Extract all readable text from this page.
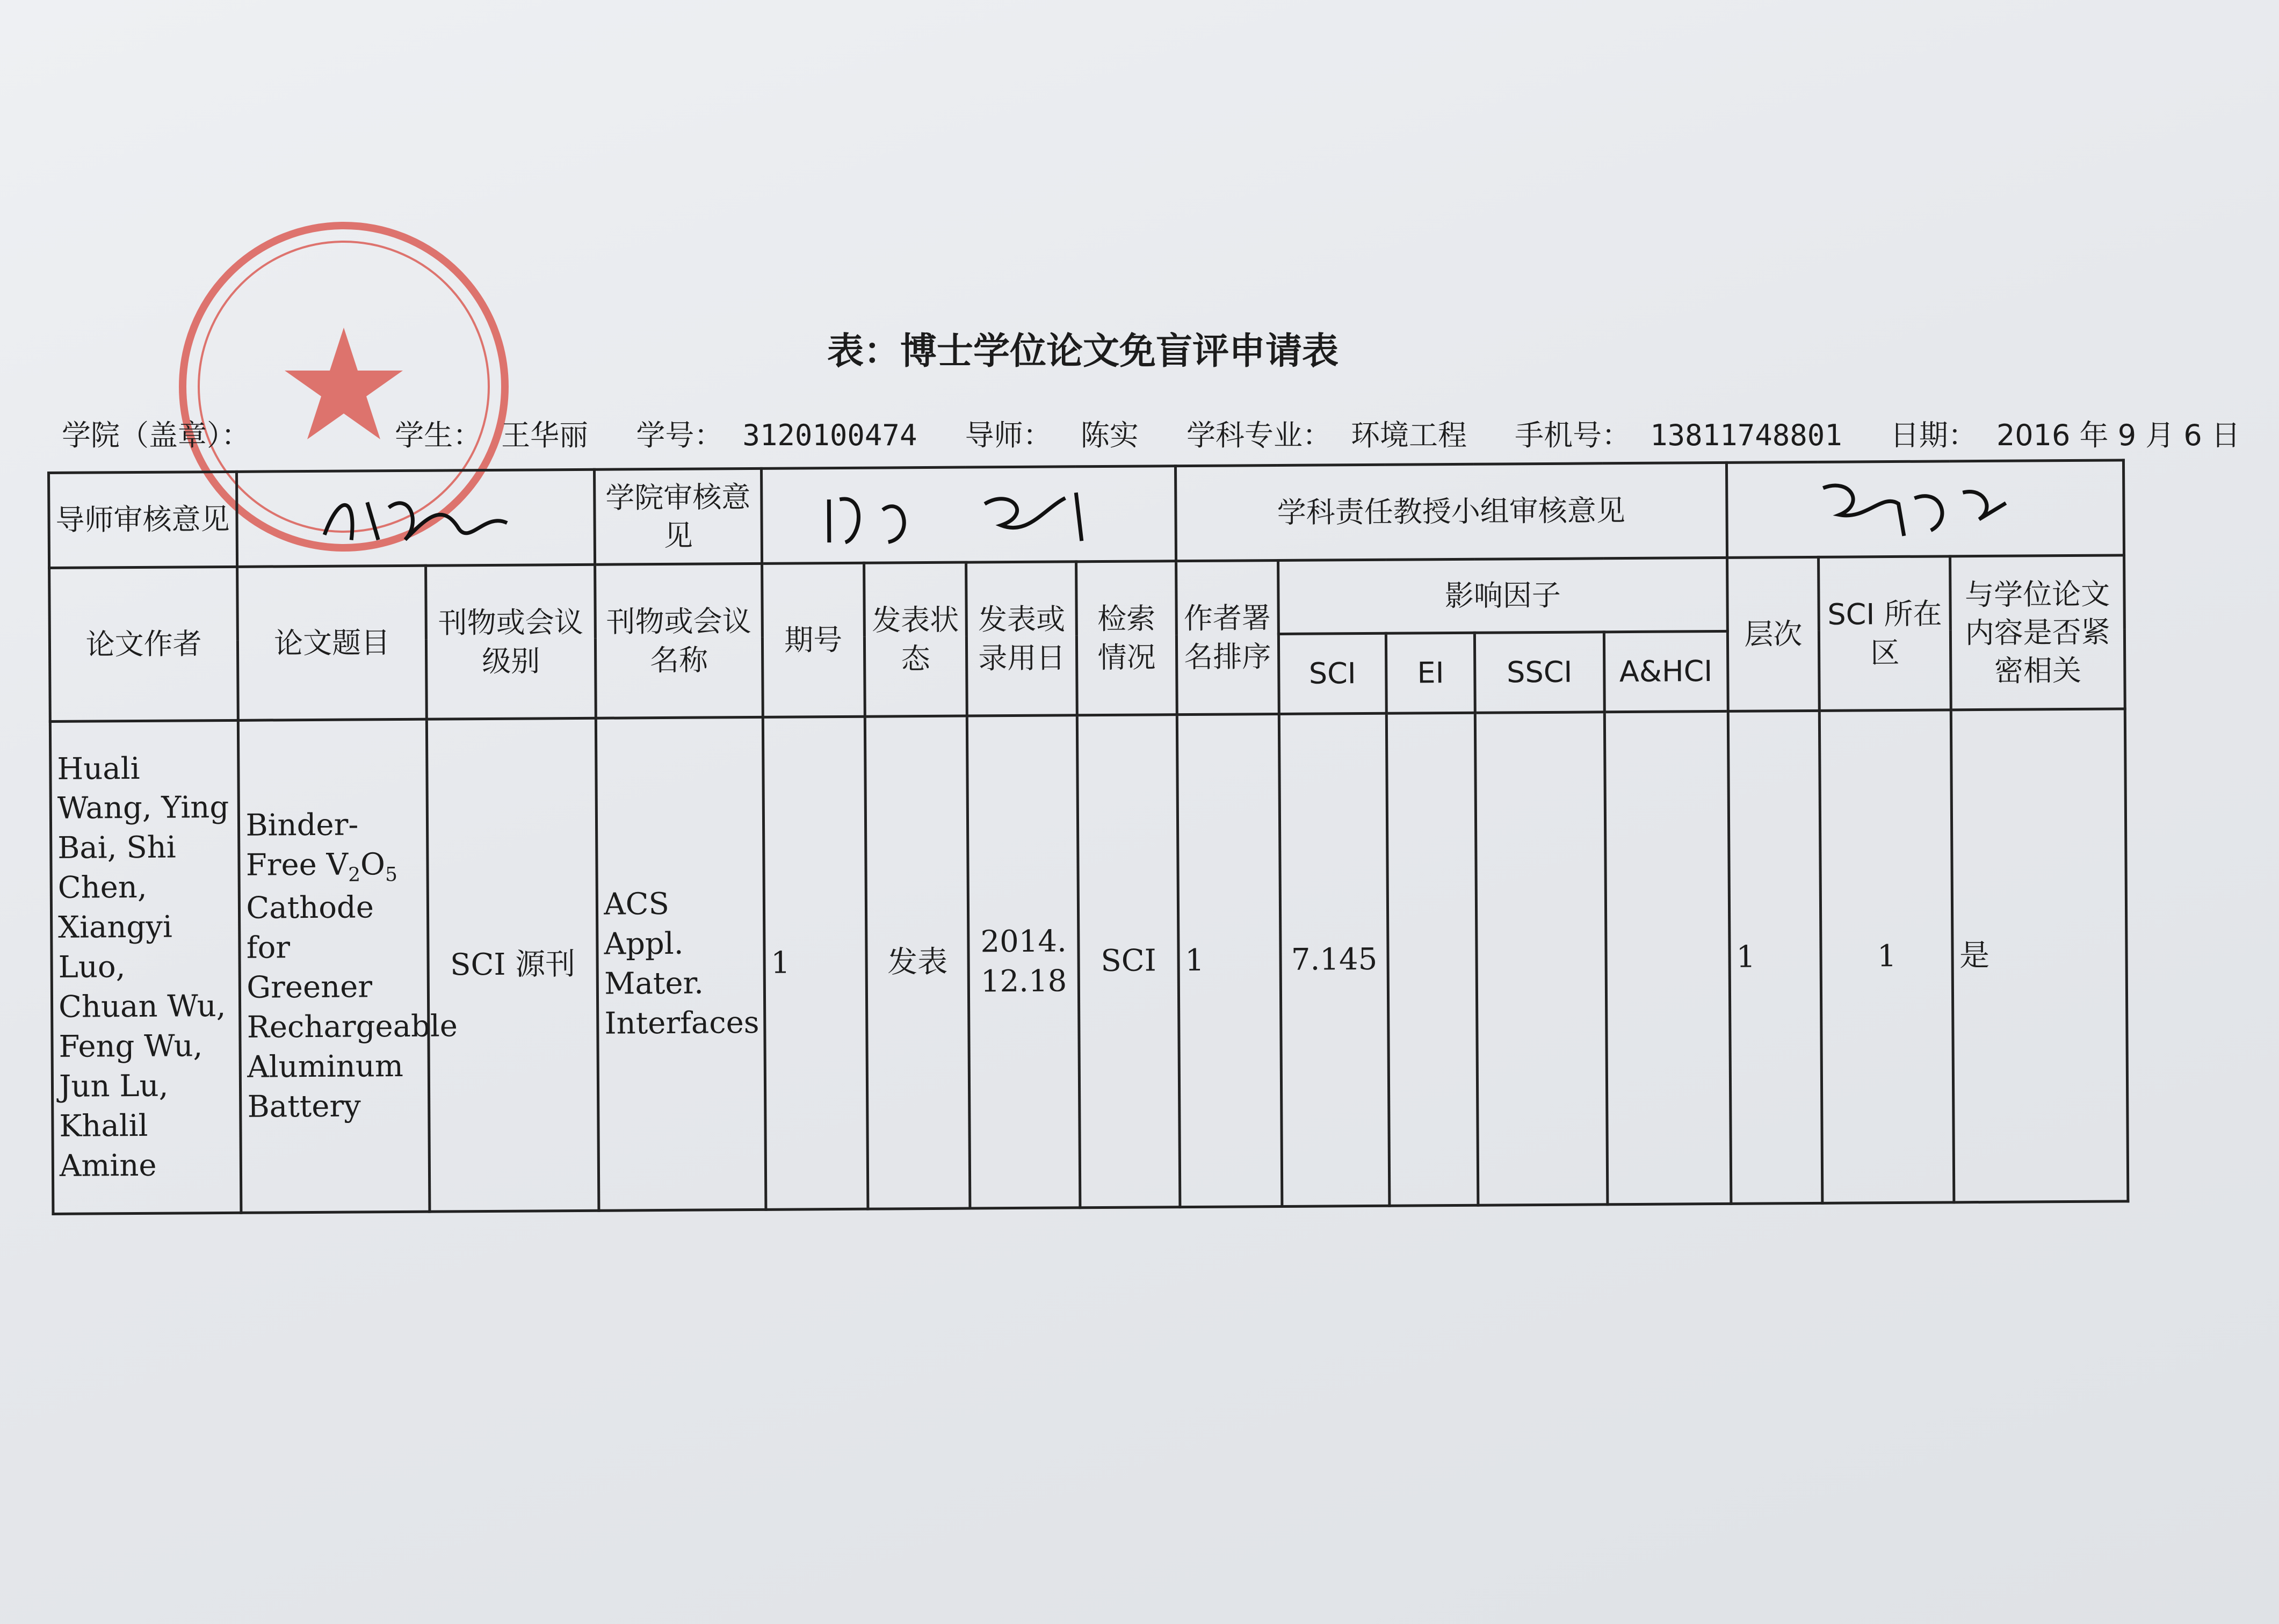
表：博士学位论文免盲评申请表
学院（盖章）：	学生： 王华丽 学号： 3120100474 导师： 陈实 学科专业： 环境工程 手机号： 13811748801 日期： 2016 年 9 月 6 日
导师审核意见			学院审核意见					学科责任教授小组审核意见	

论文作者	论文题目	刊物或会议级别	刊物或会议名称	期号	发表状态	发表或录用日	检索情况	作者署名排序	影响因子				层次	SCI 所在区	与学位论文内容是否紧密相关
									SCI	EI	SSCI	A&HCI			
Huali Wang, Ying Bai, Shi Chen, Xiangyi Luo, Chuan Wu, Feng Wu, Jun Lu, Khalil Amine	Binder-Free $V_2O_5$ Cathode for Greener Rechargeable Aluminum Battery	SCI 源刊	ACS Appl. Mater. Interfaces	1	发表	2014. 12.18	SCI	1	7.145				1	1	是
